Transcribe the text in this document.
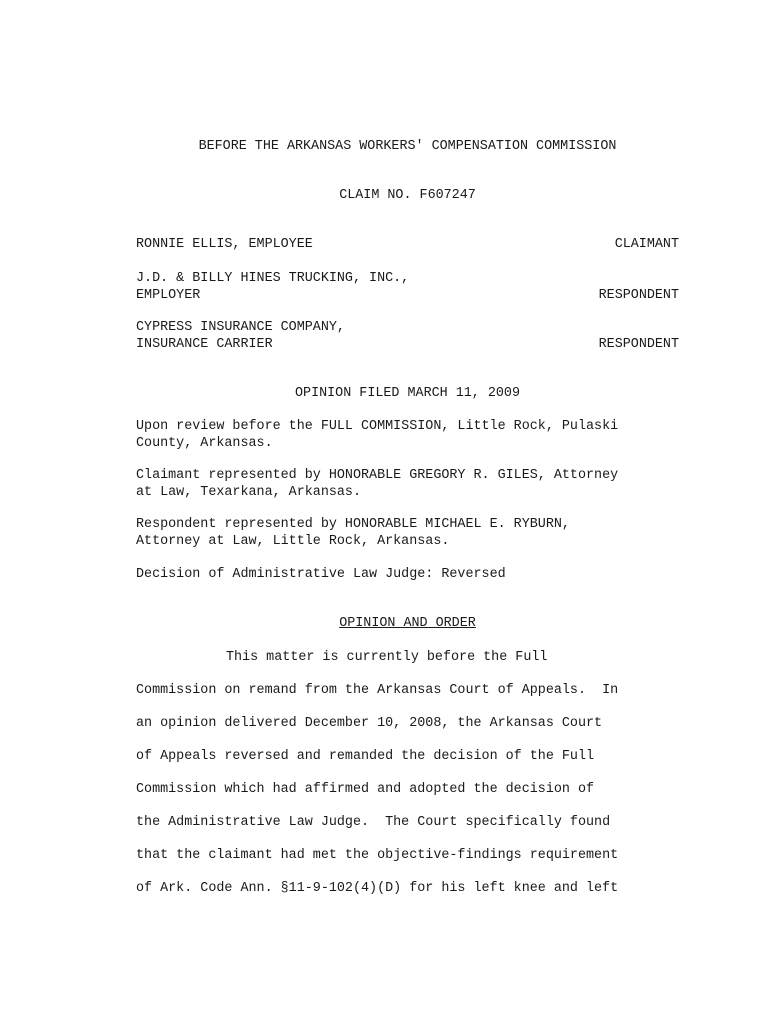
BEFORE THE ARKANSAS WORKERS' COMPENSATION COMMISSION
CLAIM NO. F607247
RONNIE ELLIS, EMPLOYEE	CLAIMANT
J.D. & BILLY HINES TRUCKING, INC.,
EMPLOYER	RESPONDENT
CYPRESS INSURANCE COMPANY,
INSURANCE CARRIER	RESPONDENT
OPINION FILED MARCH 11, 2009
Upon review before the FULL COMMISSION, Little Rock, Pulaski
County, Arkansas.
Claimant represented by HONORABLE GREGORY R. GILES, Attorney
at Law, Texarkana, Arkansas.
Respondent represented by HONORABLE MICHAEL E. RYBURN,
Attorney at Law, Little Rock, Arkansas.
Decision of Administrative Law Judge: Reversed
OPINION AND ORDER
This matter is currently before the Full
Commission on remand from the Arkansas Court of Appeals.  In
an opinion delivered December 10, 2008, the Arkansas Court
of Appeals reversed and remanded the decision of the Full
Commission which had affirmed and adopted the decision of
the Administrative Law Judge.  The Court specifically found
that the claimant had met the objective-findings requirement
of Ark. Code Ann. §11-9-102(4)(D) for his left knee and left
